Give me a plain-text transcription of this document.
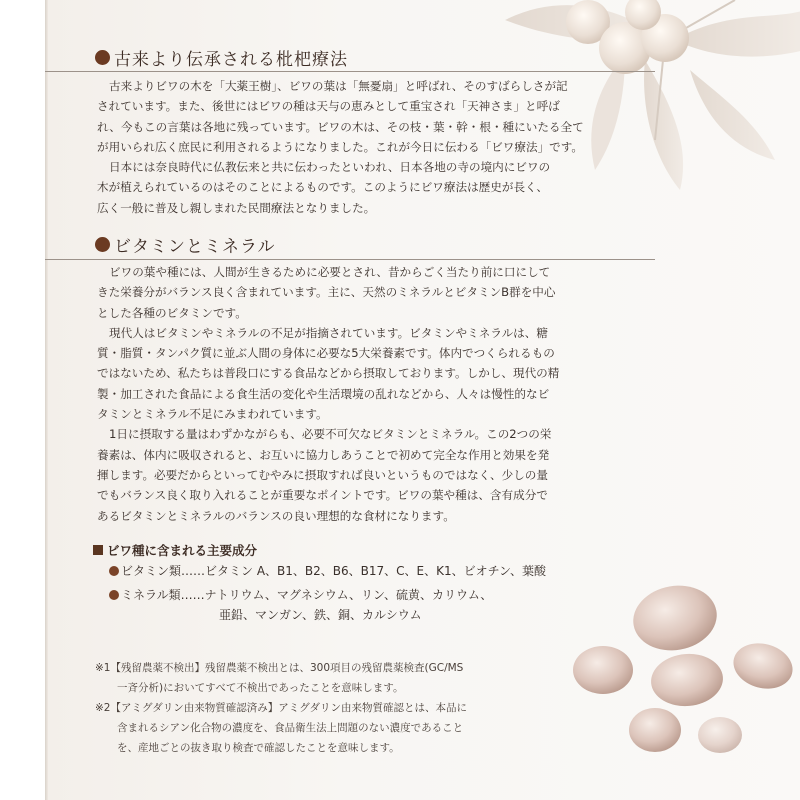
古来より伝承される枇杷療法

古来よりビワの木を「大薬王樹」、ビワの葉は「無憂扇」と呼ばれ、そのすばらしさが記
されています。また、後世にはビワの種は天与の恵みとして重宝され「天神さま」と呼ば
れ、今もこの言葉は各地に残っています。ビワの木は、その枝・葉・幹・根・種にいたる全て
が用いられ広く庶民に利用されるようになりました。これが今日に伝わる「ビワ療法」です。
日本には奈良時代に仏教伝来と共に伝わったといわれ、日本各地の寺の境内にビワの
木が植えられているのはそのことによるものです。このようにビワ療法は歴史が長く、
広く一般に普及し親しまれた民間療法となりました。

ビタミンとミネラル

ビワの葉や種には、人間が生きるために必要とされ、昔からごく当たり前に口にして
きた栄養分がバランス良く含まれています。主に、天然のミネラルとビタミンB群を中心
とした各種のビタミンです。
現代人はビタミンやミネラルの不足が指摘されています。ビタミンやミネラルは、糖
質・脂質・タンパク質に並ぶ人間の身体に必要な5大栄養素です。体内でつくられるもの
ではないため、私たちは普段口にする食品などから摂取しております。しかし、現代の精
製・加工された食品による食生活の変化や生活環境の乱れなどから、人々は慢性的なビ
タミンとミネラル不足にみまわれています。
1日に摂取する量はわずかながらも、必要不可欠なビタミンとミネラル。この2つの栄
養素は、体内に吸収されると、お互いに協力しあうことで初めて完全な作用と効果を発
揮します。必要だからといってむやみに摂取すれば良いというものではなく、少しの量
でもバランス良く取り入れることが重要なポイントです。ビワの葉や種は、含有成分で
あるビタミンとミネラルのバランスの良い理想的な食材になります。

ビワ種に含まれる主要成分
ビタミン類……ビタミン A、B1、B2、B6、B17、C、E、K1、ビオチン、葉酸
ミネラル類……ナトリウム、マグネシウム、リン、硫黄、カリウム、
亜鉛、マンガン、鉄、銅、カルシウム

※1【残留農薬不検出】残留農薬不検出とは、300項目の残留農薬検査(GC/MS
一斉分析)においてすべて不検出であったことを意味します。
※2【アミグダリン由来物質確認済み】アミグダリン由来物質確認とは、本品に
含まれるシアン化合物の濃度を、食品衛生法上問題のない濃度であること
を、産地ごとの抜き取り検査で確認したことを意味します。
